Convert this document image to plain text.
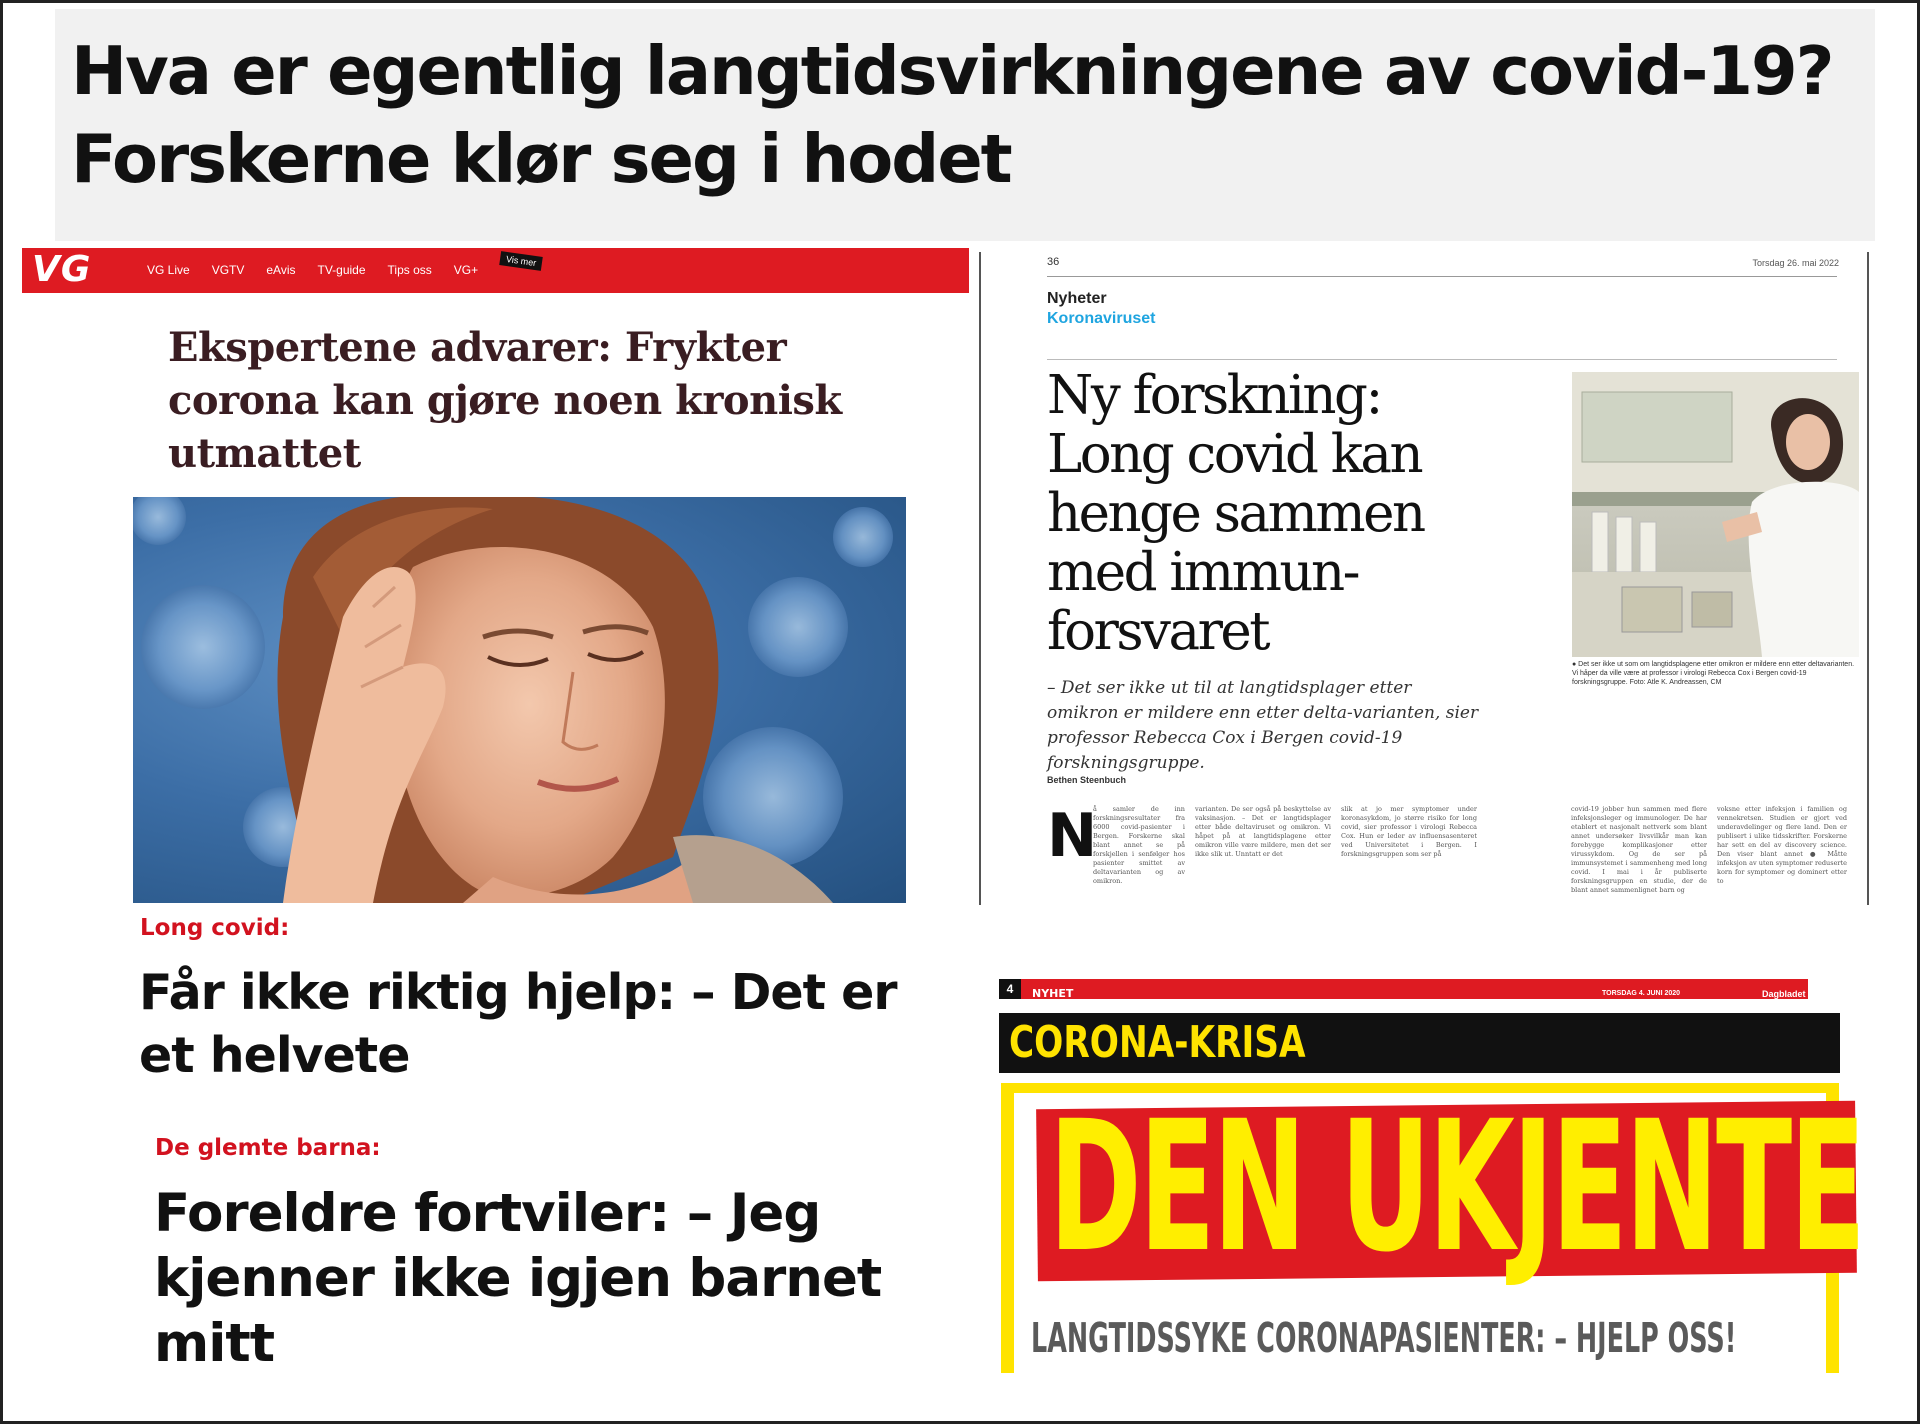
Hva er egentlig langtidsvirkningene av covid-19?
Forskerne klør seg i hodet
VG	VG Live VGTV e⁠Avis TV-guide Tips oss VG+
Vis mer
Ekspertene advarer: Frykter corona kan gjøre noen kronisk utmattet
Long covid:
Får ikke riktig hjelp: – Det er et helvete
De glemte barna:
Foreldre fortviler: – Jeg kjenner ikke igjen barnet mitt
36	Torsdag 26. mai 2022
Nyheter
Koronaviruset
Ny forskning: Long covid kan henge sammen med immun-forsvaret
– Det ser ikke ut til at langtidsplager etter omikron er mildere enn etter delta-varianten, sier professor Rebecca Cox i Bergen covid-19 forskningsgruppe.
Bethen Steenbuch
● Det ser ikke ut som om langtidsplagene etter omikron er mildere enn etter deltavarianten. Vi håper da ville være at professor i virologi Rebecca Cox i Bergen covid-19 forskningsgruppe. Foto: Atle K. Andreassen, CM
N
å samler de inn forskningsresultater fra 6000 covid-pasienter i Bergen. Forskerne skal blant annet se på forskjellen i senfølger hos pasienter smittet av deltavarianten og av omikron.
varianten. De ser også på beskyttelse av vaksinasjon. – Det er langtidsplager etter både deltaviruset og omikron. Vi håpet på at langtidsplagene etter omikron ville være mildere, men det ser ikke slik ut. Unntatt er det
slik at jo mer symptomer under koronasykdom, jo større risiko for long covid, sier professor i virologi Rebecca Cox. Hun er leder av influensasenteret ved Universitetet i Bergen. I forskningsgruppen som ser på
covid-19 jobber hun sammen med flere infeksjonsleger og immunologer. De har etablert et nasjonalt nettverk som blant annet undersøker livsvilkår man kan forebygge komplikasjoner etter virussykdom. Og de ser på immunsystemet i sammenheng med long covid. I mai i år publiserte forskningsgruppen en studie, der de blant annet sammenlignet barn og
voksne etter infeksjon i familien og vennekretsen. Studien er gjort ved underavdelinger og flere land. Den er publisert i ulike tidsskrifter. Forskerne har sett en del av discovery science. Den viser blant annet ● Måtte infeksjon av uten symptomer reduserte korn for symptomer og dominert etter to
NYHET	TORSDAG 4. JUNI 2020	Dagbladet
4
CORONA-KRISA
DEN UKJENTE
LANGTIDSSYKE CORONAPASIENTER: – HJELP OSS!
